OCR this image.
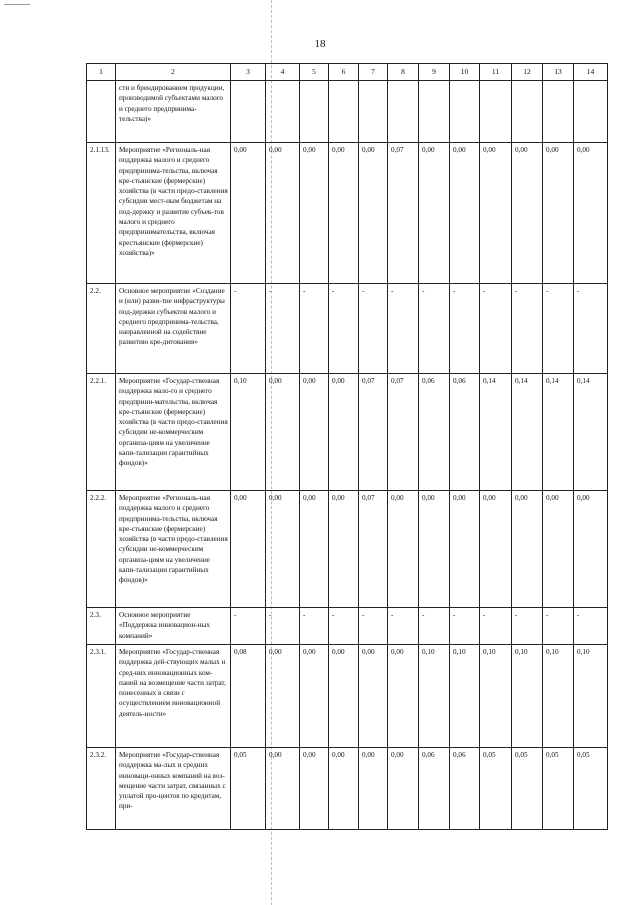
18
1	2	3	4	5	6	7	8	9	10	11	12	13	14
	сти и брендированием продукции, производимой субъектами малого и среднего предпринима-тельства)»												
2.1.13.	Мероприятие «Региональ-ная поддержка малого и среднего предпринима-тельства, включая кре-стьянские (фермерские) хозяйства (в части предо-ставления субсидии мест-ным бюджетам на под-держку и развитие субъек-тов малого и среднего предпринимательства, включая крестьянские (фермерские) хозяйства)»	0,00	0,00	0,00	0,00	0,00	0,07	0,00	0,00	0,00	0,00	0,00	0,00
2.2.	Основное мероприятие «Создание и (или) разви-тие инфраструктуры под-держки субъектов малого и среднего предпринима-тельства, направленной на содействие развитию кре-дитования»	-	-	-	-	-	-	-	-	-	-	-	-
2.2.1.	Мероприятие «Государ-ственная поддержка мало-го и среднего предприни-мательства, включая кре-стьянские (фермерские) хозяйства (в части предо-ставления субсидии не-коммерческим организа-циям на увеличение капи-тализации гарантийных фондов)»	0,10	0,00	0,00	0,00	0,07	0,07	0,06	0,06	0,14	0,14	0,14	0,14
2.2.2.	Мероприятие «Региональ-ная поддержка малого и среднего предпринима-тельства, включая кре-стьянские (фермерские) хозяйства (в части предо-ставления субсидии не-коммерческим организа-циям на увеличение капи-тализации гарантийных фондов)»	0,00	0,00	0,00	0,00	0,07	0,00	0,00	0,00	0,00	0,00	0,00	0,00
2.3.	Основное мероприятие «Поддержка инновацион-ных компаний»	-	-	-	-	-	-	-	-	-	-	-	-
2.3.1.	Мероприятие «Государ-ственная поддержка дей-ствующих малых и сред-них инновационных ком-паний на возмещение части затрат, понесенных в связи с осуществлением инновационной деятель-ности»	0,08	0,00	0,00	0,00	0,00	0,00	0,10	0,10	0,10	0,10	0,10	0,10
2.3.2.	Мероприятие «Государ-ственная поддержка ма-лых и средних инноваци-онных компаний на воз-мещение части затрат, связанных с уплатой про-центов по кредитам, при-	0,05	0,00	0,00	0,00	0,00	0,00	0,06	0,06	0,05	0,05	0,05	0,05
